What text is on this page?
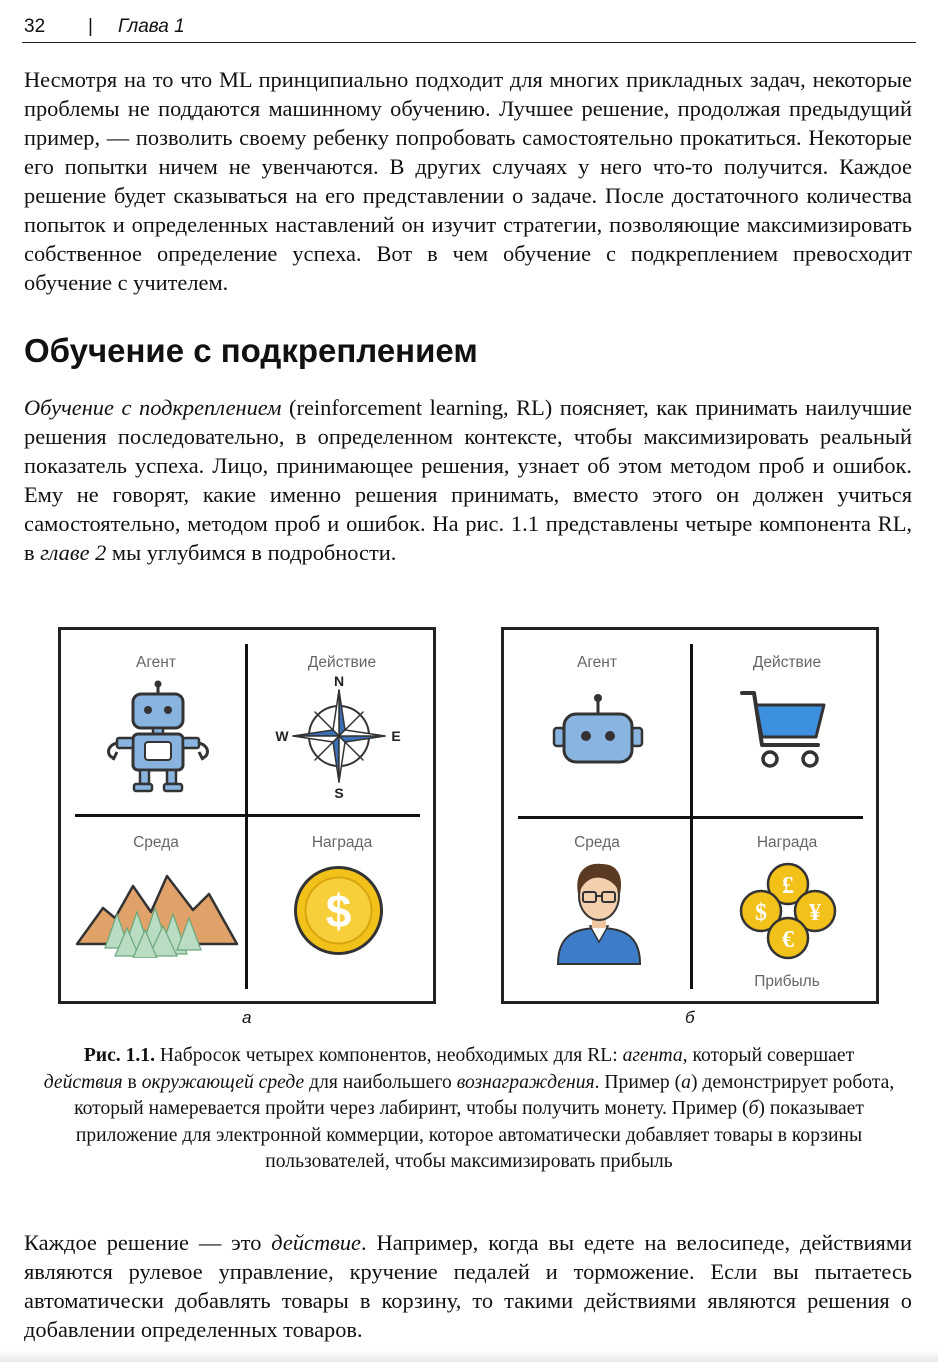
32 | Глава 1

Несмотря на то что ML принципиально подходит для многих прикладных задач, некоторые проблемы не поддаются машинному обучению. Лучшее решение, продолжая предыдущий пример, — позволить своему ребенку попробовать самостоятельно прокатиться. Некоторые его попытки ничем не увенчаются. В других случаях у него что-то получится. Каждое решение будет сказываться на его представлении о задаче. После достаточного количества попыток и определенных наставлений он изучит стратегии, позволяющие максимизировать собственное определение успеха. Вот в чем обучение с подкреплением превосходит обучение с учителем.

Обучение с подкреплением

Обучение с подкреплением (reinforcement learning, RL) поясняет, как принимать наилучшие решения последовательно, в определенном контексте, чтобы максимизировать реальный показатель успеха. Лицо, принимающее решения, узнает об этом методом проб и ошибок. Ему не говорят, какие именно решения принимать, вместо этого он должен учиться самостоятельно, методом проб и ошибок. На рис. 1.1 представлены четыре компонента RL, в главе 2 мы углубимся в подробности.

Агент	Действие
Среда	Награда
N
S
W	E
$
Агент	Действие
Среда	Награда
£
$ ¥
€
Прибыль
а	б

Рис. 1.1. Набросок четырех компонентов, необходимых для RL: агента, который совершает
действия в окружающей среде для наибольшего вознаграждения. Пример (а) демонстрирует робота, который намеревается пройти через лабиринт, чтобы получить монету. Пример (б) показывает приложение для электронной коммерции, которое автоматически добавляет товары в корзины пользователей, чтобы максимизировать прибыль

Каждое решение — это действие. Например, когда вы едете на велосипеде, действиями являются рулевое управление, кручение педалей и торможение. Если вы пытаетесь автоматически добавлять товары в корзину, то такими действиями являются решения о добавлении определенных товаров.
